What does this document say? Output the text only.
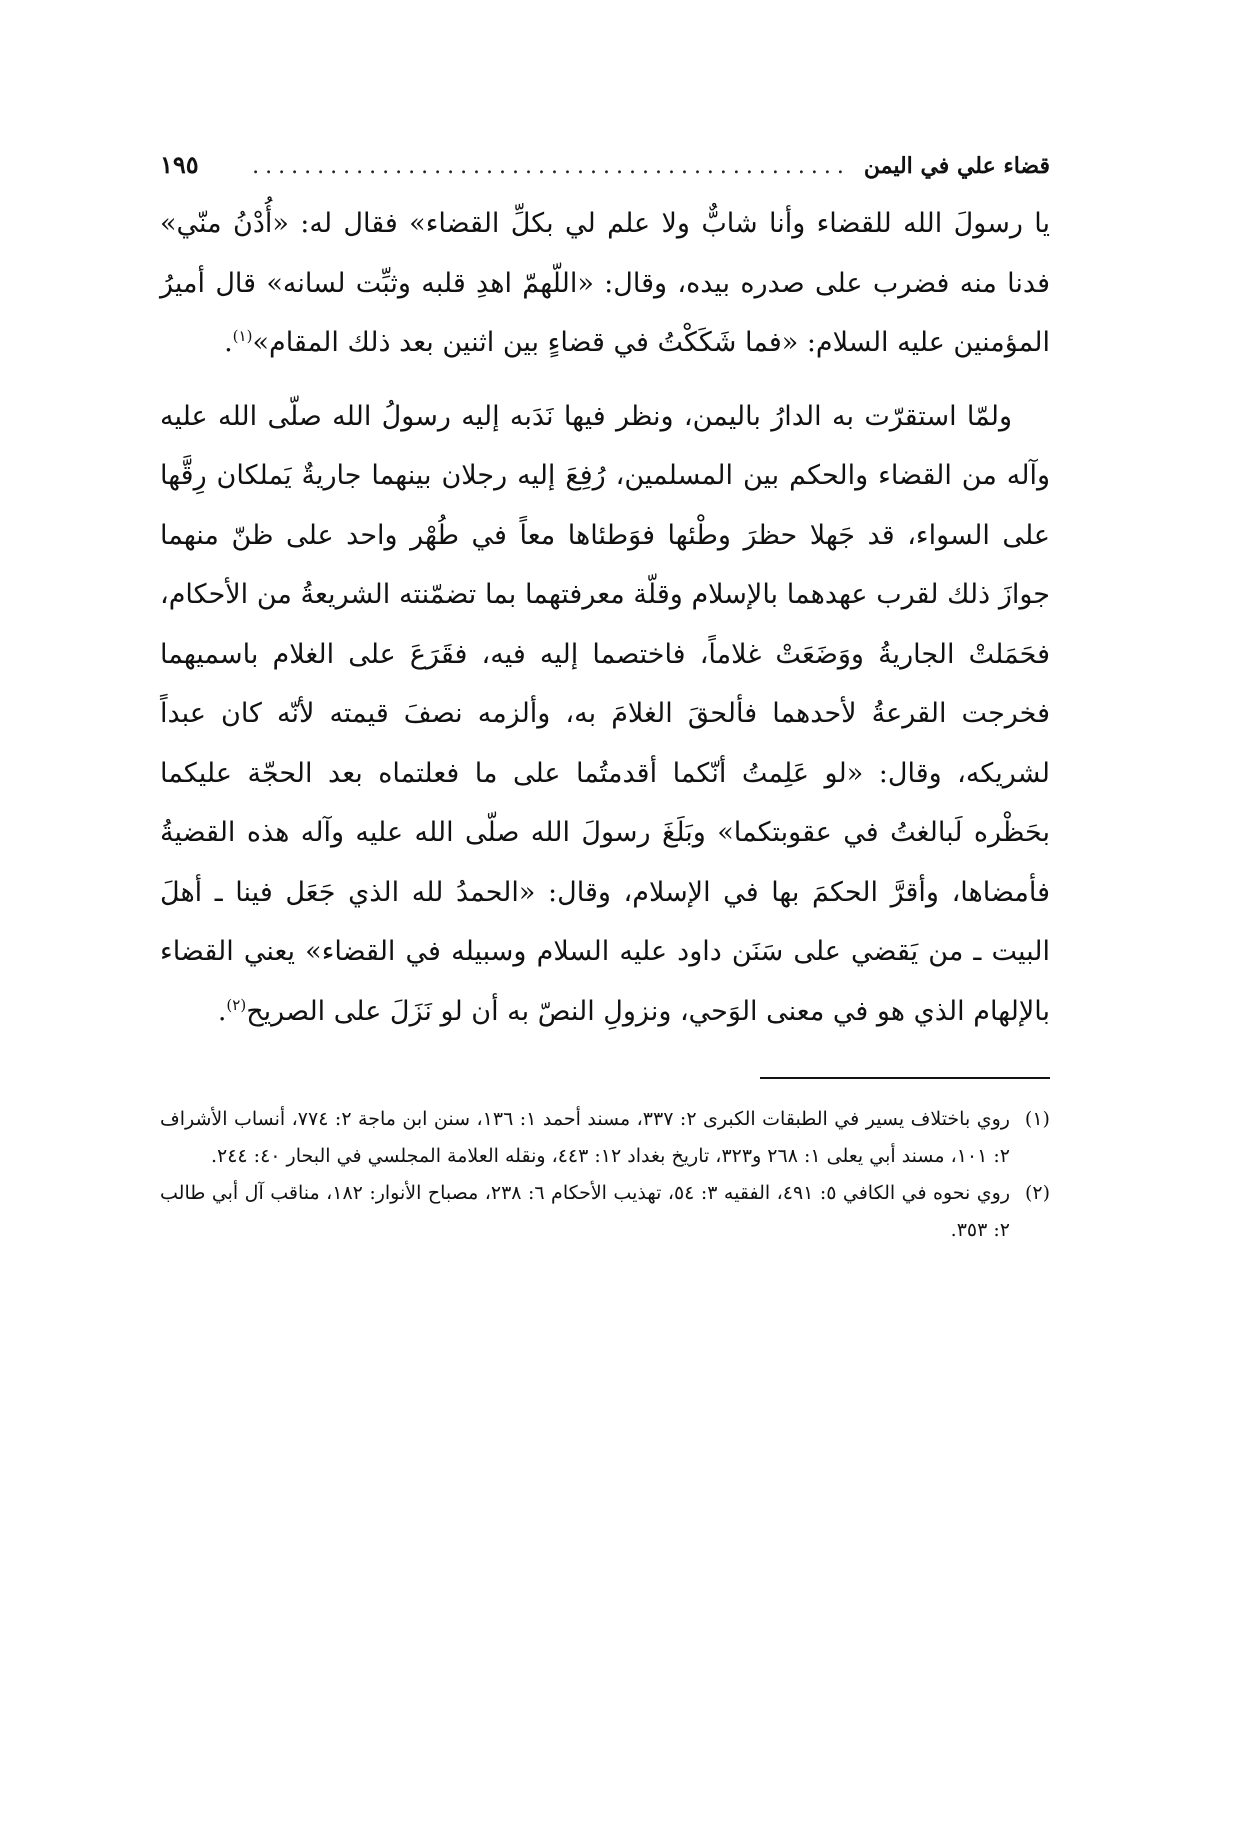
قضاء علي في اليمن
..............................................
١٩٥

يا رسولَ الله للقضاء وأنا شابٌّ ولا علم لي بكلِّ القضاء» فقال له: «أُدْنُ منّي» فدنا منه فضرب على صدره بيده، وقال: «اللّهمّ اهدِ قلبه وثبِّت لسانه» قال أميرُ المؤمنين عليه السلام: «فما شَكَكْتُ في قضاءٍ بين اثنين بعد ذلك المقام»$^{(١)}$.

ولمّا استقرّت به الدارُ باليمن، ونظر فيها نَدَبه إليه رسولُ الله صلّى الله عليه وآله من القضاء والحكم بين المسلمين، رُفِعَ إليه رجلان بينهما جاريةٌ يَملكان رِقَّها على السواء، قد جَهلا حظرَ وطْئها فوَطئاها معاً في طُهْر واحد على ظنّ منهما جوازَ ذلك لقرب عهدهما بالإسلام وقلّة معرفتهما بما تضمّنته الشريعةُ من الأحكام، فحَمَلتْ الجاريةُ ووَضَعَتْ غلاماً، فاختصما إليه فيه، فقَرَعَ على الغلام باسميهما فخرجت القرعةُ لأحدهما فألحقَ الغلامَ به، وألزمه نصفَ قيمته لأنّه كان عبداً لشريكه، وقال: «لو عَلِمتُ أنّكما أقدمتُما على ما فعلتماه بعد الحجّة عليكما بحَظْره لَبالغتُ في عقوبتكما» وبَلَغَ رسولَ الله صلّى الله عليه وآله هذه القضيةُ فأمضاها، وأقرَّ الحكمَ بها في الإسلام، وقال: «الحمدُ لله الذي جَعَل فينا ـ أهلَ البيت ـ من يَقضي على سَنَن داود عليه السلام وسبيله في القضاء» يعني القضاء بالإلهام الذي هو في معنى الوَحي، ونزولِ النصّ به أن لو نَزَلَ على الصريح$^{(٢)}$.

(١)روي باختلاف يسير في الطبقات الكبرى ٢: ٣٣٧، مسند أحمد ١: ١٣٦، سنن ابن ماجة ٢: ٧٧٤، أنساب الأشراف ٢: ١٠١، مسند أبي يعلى ١: ٢٦٨ و٣٢٣، تاريخ بغداد ١٢: ٤٤٣، ونقله العلامة المجلسي في البحار ٤٠: ٢٤٤.

(٢)روي نحوه في الكافي ٥: ٤٩١، الفقيه ٣: ٥٤، تهذيب الأحكام ٦: ٢٣٨، مصباح الأنوار: ١٨٢، مناقب آل أبي طالب ٢: ٣٥٣.
